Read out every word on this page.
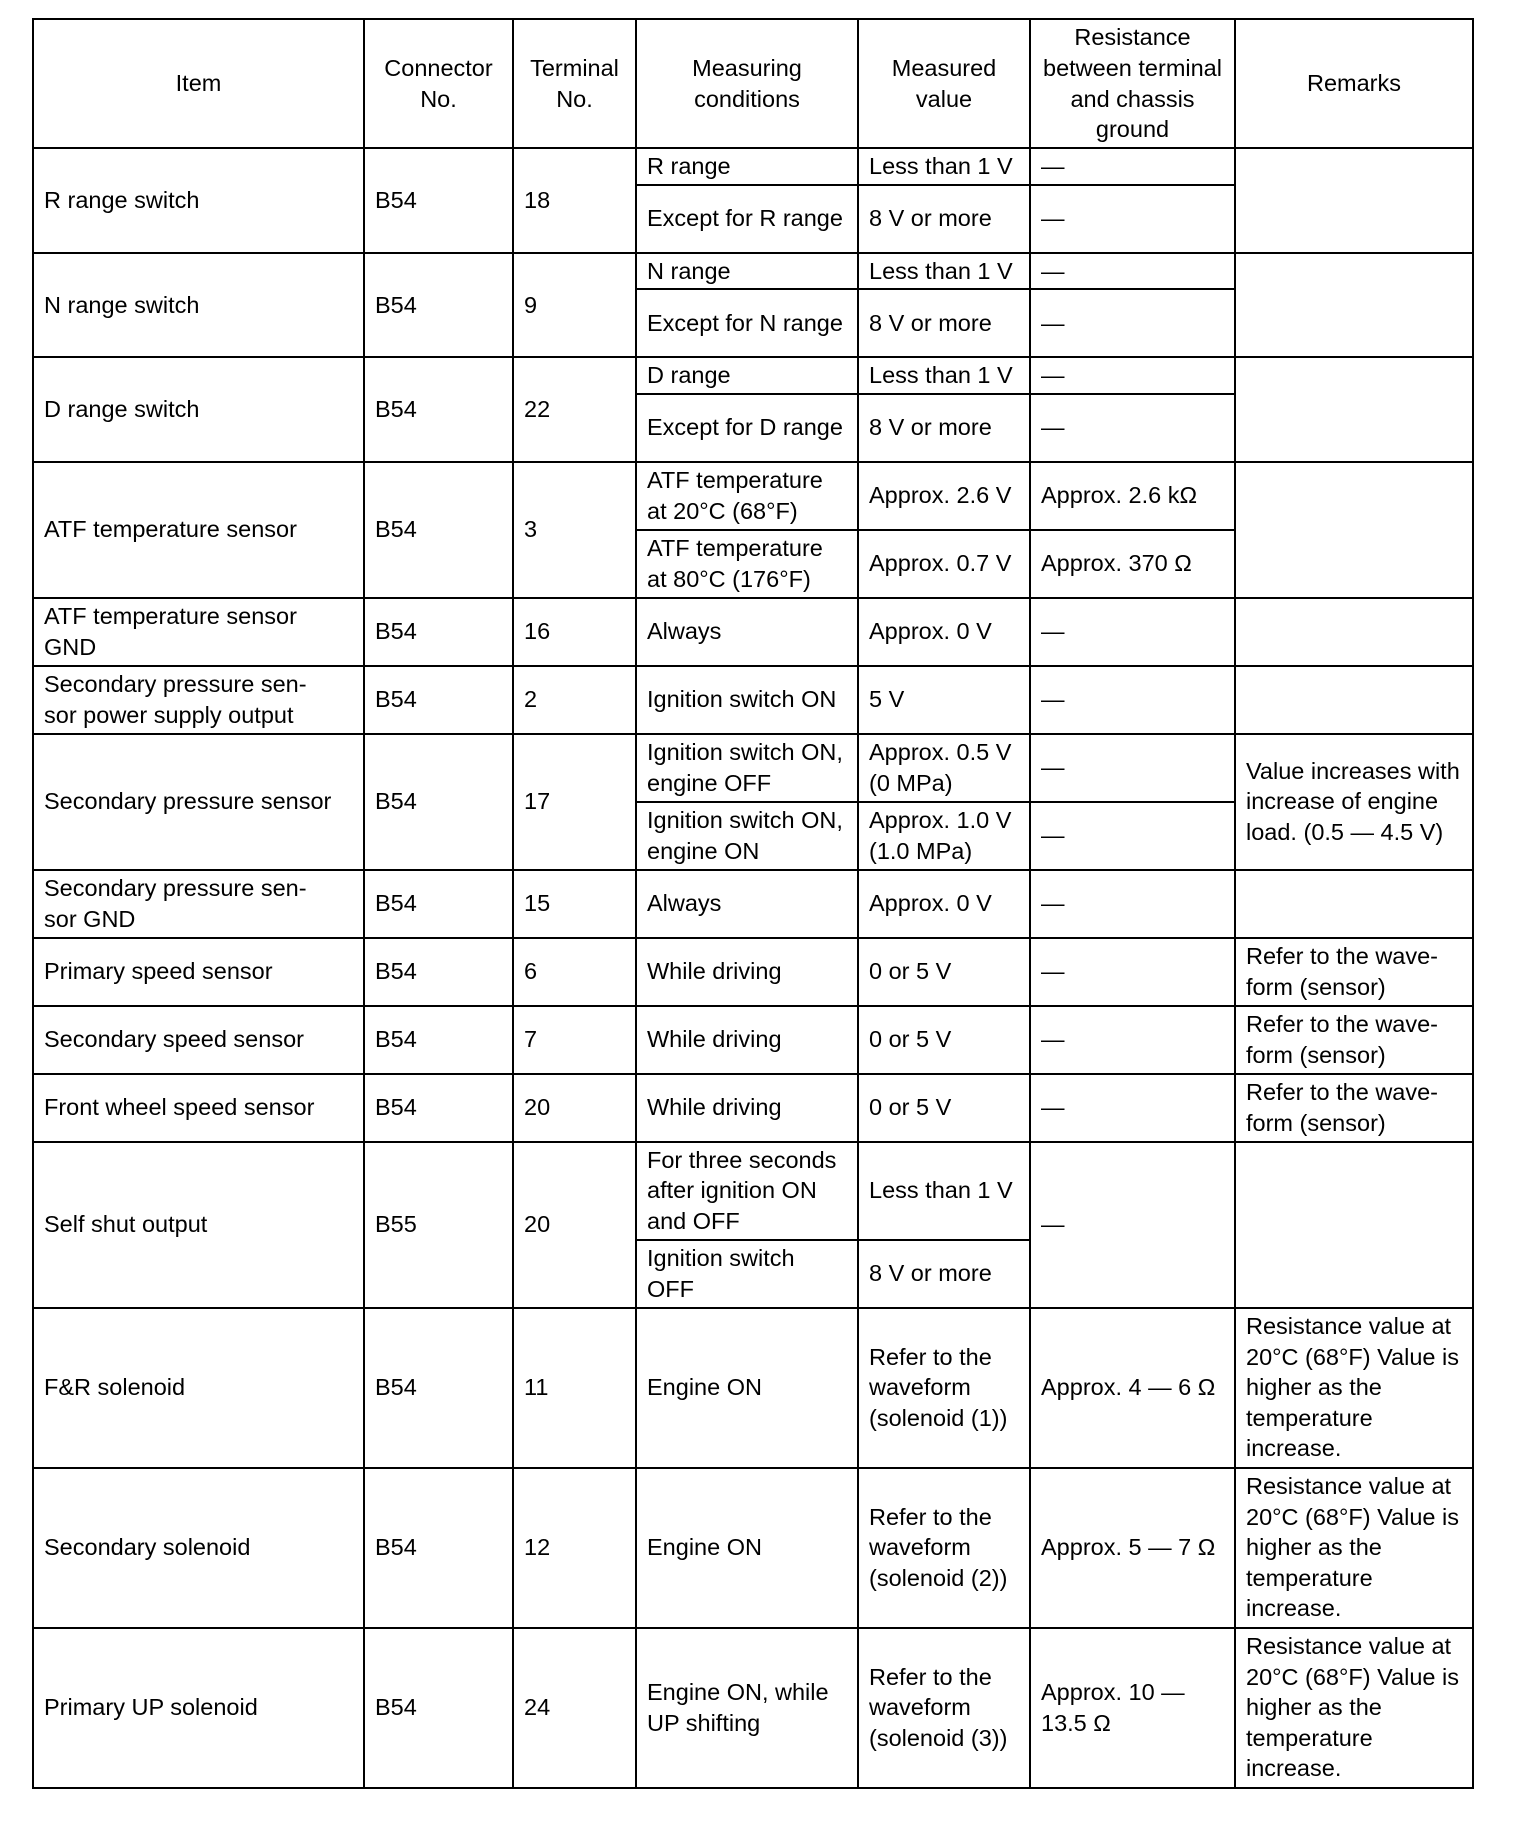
Item	Connector No.	Terminal No.	Measuring conditions	Measured value	Resistance between terminal and chassis ground	Remarks
R range switch	B54	18	R range	Less than 1 V	—	
			Except for R range	8 V or more	—	
N range switch	B54	9	N range	Less than 1 V	—	
			Except for N range	8 V or more	—	
D range switch	B54	22	D range	Less than 1 V	—	
			Except for D range	8 V or more	—	
ATF temperature sensor	B54	3	ATF temperature at 20°C (68°F)	Approx. 2.6 V	Approx. 2.6 kΩ	
			ATF temperature at 80°C (176°F)	Approx. 0.7 V	Approx. 370 Ω	
ATF temperature sensor GND	B54	16	Always	Approx. 0 V	—	
Secondary pressure sen-
sor power supply output	B54	2	Ignition switch ON	5 V	—	
Secondary pressure sensor	B54	17	Ignition switch ON, engine OFF	Approx. 0.5 V (0 MPa)	—	Value increases with increase of engine load. (0.5 — 4.5 V)
			Ignition switch ON, engine ON	Approx. 1.0 V (1.0 MPa)	—	
Secondary pressure sen-
sor GND	B54	15	Always	Approx. 0 V	—	
Primary speed sensor	B54	6	While driving	0 or 5 V	—	Refer to the wave-
form (sensor)
Secondary speed sensor	B54	7	While driving	0 or 5 V	—	Refer to the wave-
form (sensor)
Front wheel speed sensor	B54	20	While driving	0 or 5 V	—	Refer to the wave-
form (sensor)
Self shut output	B55	20	For three seconds after ignition ON and OFF	Less than 1 V	—	
			Ignition switch OFF	8 V or more		
F&R solenoid	B54	11	Engine ON	Refer to the waveform (solenoid (1))	Approx. 4 — 6 Ω	Resistance value at 20°C (68°F) Value is higher as the temperature increase.
Secondary solenoid	B54	12	Engine ON	Refer to the waveform (solenoid (2))	Approx. 5 — 7 Ω	Resistance value at 20°C (68°F) Value is higher as the temperature increase.
Primary UP solenoid	B54	24	Engine ON, while UP shifting	Refer to the waveform (solenoid (3))	Approx. 10 — 13.5 Ω	Resistance value at 20°C (68°F) Value is higher as the temperature increase.
